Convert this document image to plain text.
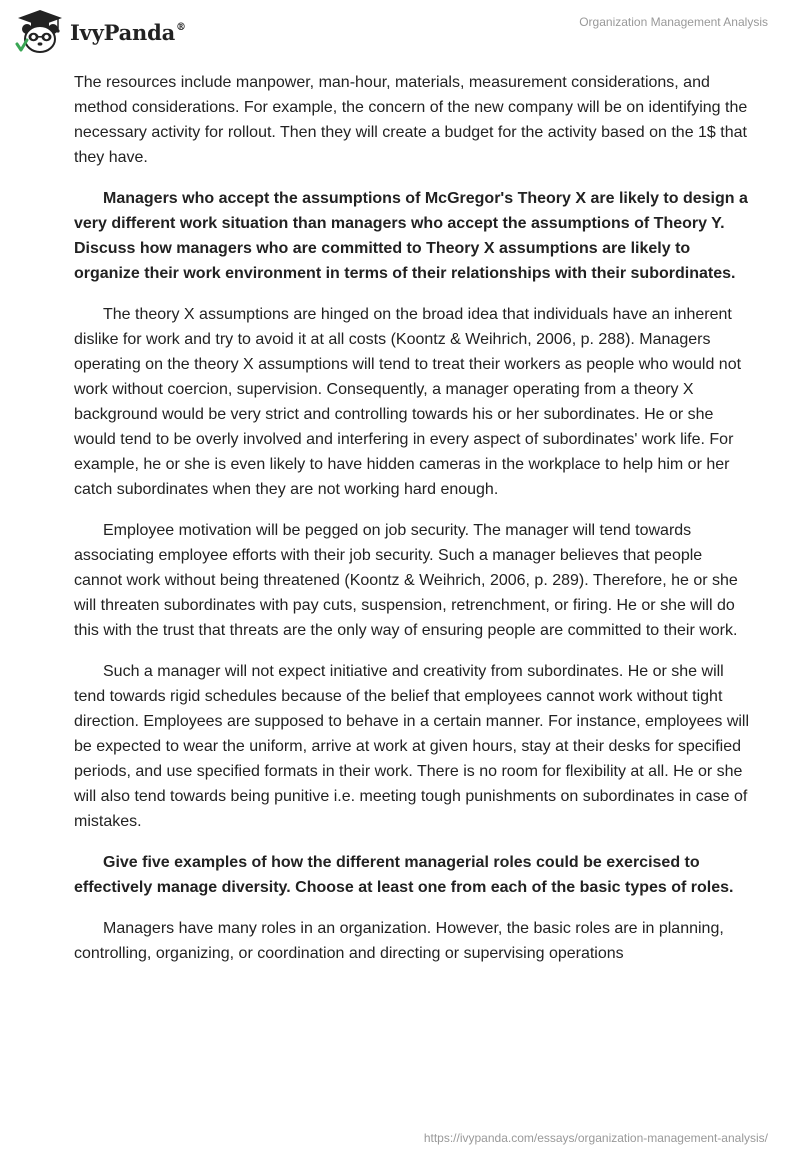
IvyPanda®	Organization Management Analysis

The resources include manpower, man-hour, materials, measurement considerations, and method considerations. For example, the concern of the new company will be on identifying the necessary activity for rollout. Then they will create a budget for the activity based on the 1$ that they have.

Managers who accept the assumptions of McGregor's Theory X are likely to design a very different work situation than managers who accept the assumptions of Theory Y. Discuss how managers who are committed to Theory X assumptions are likely to organize their work environment in terms of their relationships with their subordinates.

The theory X assumptions are hinged on the broad idea that individuals have an inherent dislike for work and try to avoid it at all costs (Koontz & Weihrich, 2006, p. 288). Managers operating on the theory X assumptions will tend to treat their workers as people who would not work without coercion, supervision. Consequently, a manager operating from a theory X background would be very strict and controlling towards his or her subordinates. He or she would tend to be overly involved and interfering in every aspect of subordinates' work life. For example, he or she is even likely to have hidden cameras in the workplace to help him or her catch subordinates when they are not working hard enough.

Employee motivation will be pegged on job security. The manager will tend towards associating employee efforts with their job security. Such a manager believes that people cannot work without being threatened (Koontz & Weihrich, 2006, p. 289). Therefore, he or she will threaten subordinates with pay cuts, suspension, retrenchment, or firing. He or she will do this with the trust that threats are the only way of ensuring people are committed to their work.

Such a manager will not expect initiative and creativity from subordinates. He or she will tend towards rigid schedules because of the belief that employees cannot work without tight direction. Employees are supposed to behave in a certain manner. For instance, employees will be expected to wear the uniform, arrive at work at given hours, stay at their desks for specified periods, and use specified formats in their work. There is no room for flexibility at all. He or she will also tend towards being punitive i.e. meeting tough punishments on subordinates in case of mistakes.

Give five examples of how the different managerial roles could be exercised to effectively manage diversity. Choose at least one from each of the basic types of roles.

Managers have many roles in an organization. However, the basic roles are in planning, controlling, organizing, or coordination and directing or supervising operations

https://ivypanda.com/essays/organization-management-analysis/
